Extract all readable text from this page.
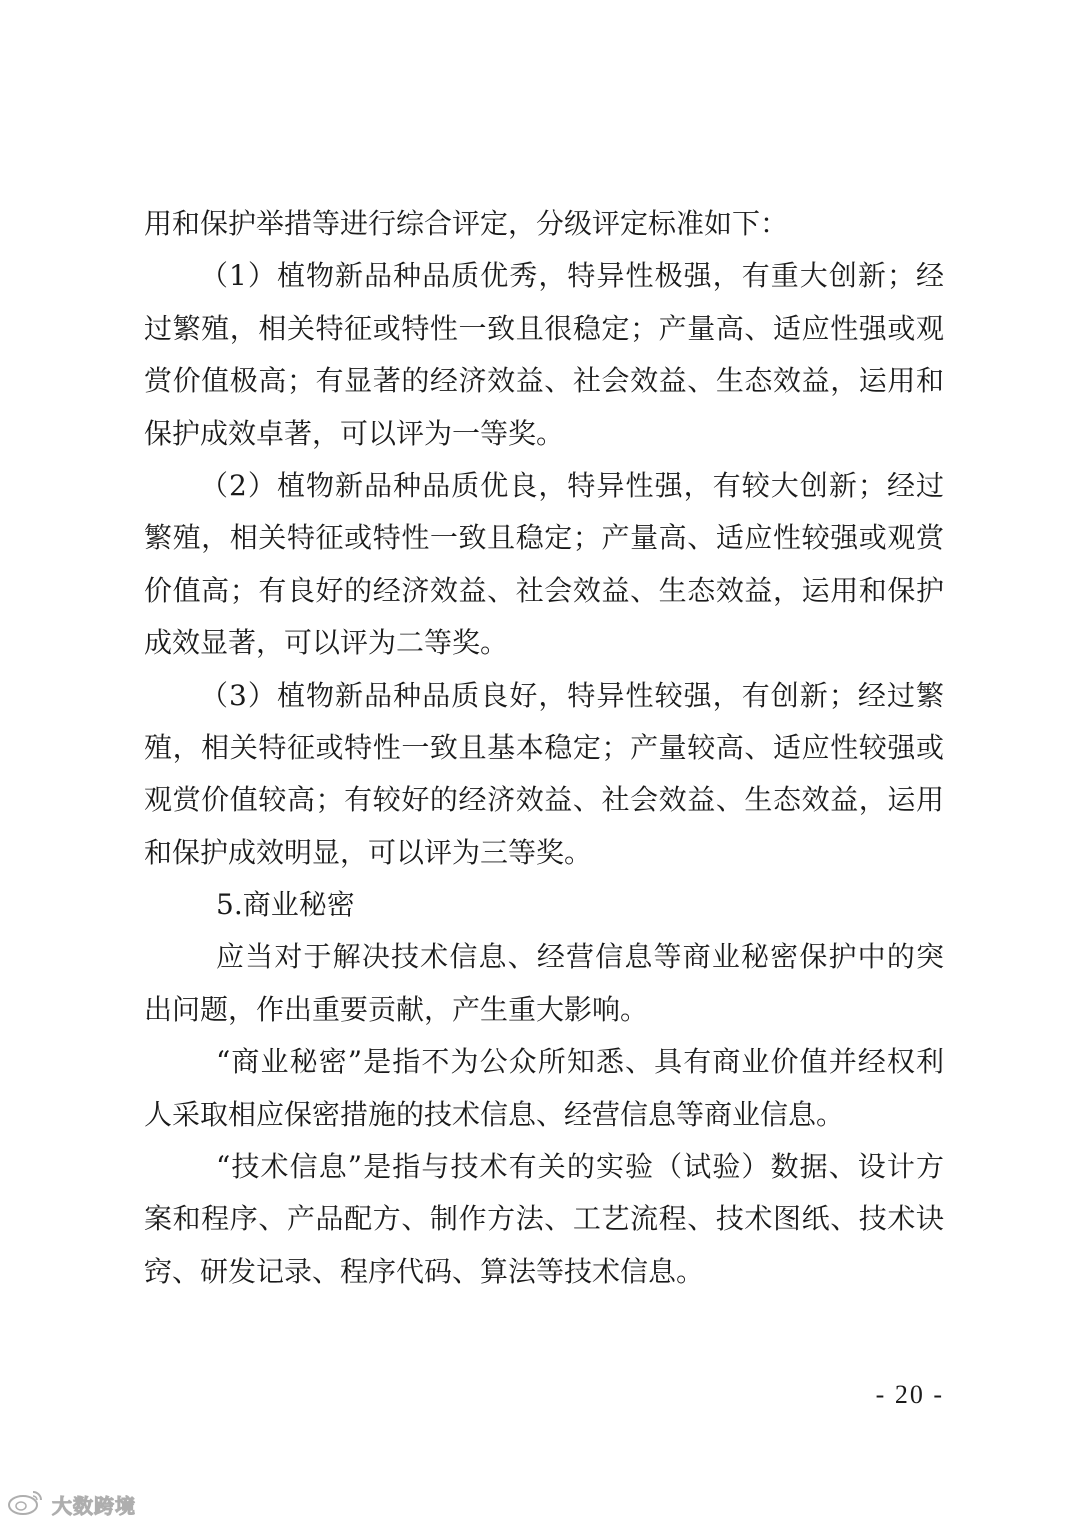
用和保护举措等进行综合评定，分级评定标准如下：
（1）植物新品种品质优秀，特异性极强，有重大创新；经
过繁殖，相关特征或特性一致且很稳定；产量高、适应性强或观
赏价值极高；有显著的经济效益、社会效益、生态效益，运用和
保护成效卓著，可以评为一等奖。
（2）植物新品种品质优良，特异性强，有较大创新；经过
繁殖，相关特征或特性一致且稳定；产量高、适应性较强或观赏
价值高；有良好的经济效益、社会效益、生态效益，运用和保护
成效显著，可以评为二等奖。
（3）植物新品种品质良好，特异性较强，有创新；经过繁
殖，相关特征或特性一致且基本稳定；产量较高、适应性较强或
观赏价值较高；有较好的经济效益、社会效益、生态效益，运用
和保护成效明显，可以评为三等奖。
5.商业秘密
应当对于解决技术信息、经营信息等商业秘密保护中的突
出问题，作出重要贡献，产生重大影响。
“商业秘密”是指不为公众所知悉、具有商业价值并经权利
人采取相应保密措施的技术信息、经营信息等商业信息。
“技术信息”是指与技术有关的实验（试验）数据、设计方
案和程序、产品配方、制作方法、工艺流程、技术图纸、技术诀
窍、研发记录、程序代码、算法等技术信息。
- 20 -
大数跨境
